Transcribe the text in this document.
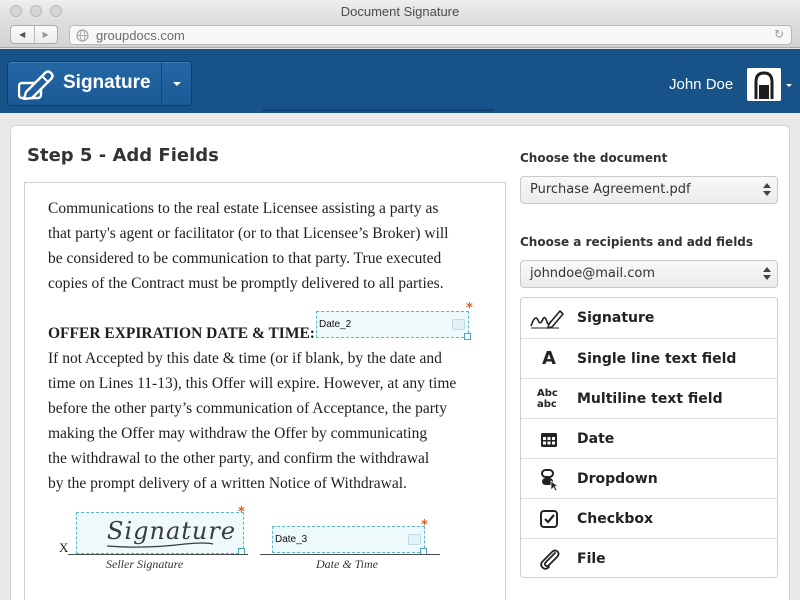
Document Signature
◀ ▶	groupdocs.com	↻
Signature	John Doe
Step 5 - Add Fields
Communications to the real estate Licensee assisting a party as
that party's agent or facilitator (or to that Licensee’s Broker) will
be considered to be communication to that party. True executed
copies of the Contract must be promptly delivered to all parties.
OFFER EXPIRATION DATE & TIME:
Date_2
*
If not Accepted by this date & time (or if blank, by the date and
time on Lines 11-13), this Offer will expire. However, at any time
before the other party’s communication of Acceptance, the party
making the Offer may withdraw the Offer by communicating
the withdrawal to the other party, and confirm the withdrawal
by the prompt delivery of a written Notice of Withdrawal.
X
Signature
*
Seller Signature
Date_3
*
Date & Time
Choose the document
Purchase Agreement.pdf
Choose a recipients and add fields
johndoe@mail.com
Signature
A	Single line text field
Abc
abc Multiline text field
Date
Dropdown
Checkbox
File
